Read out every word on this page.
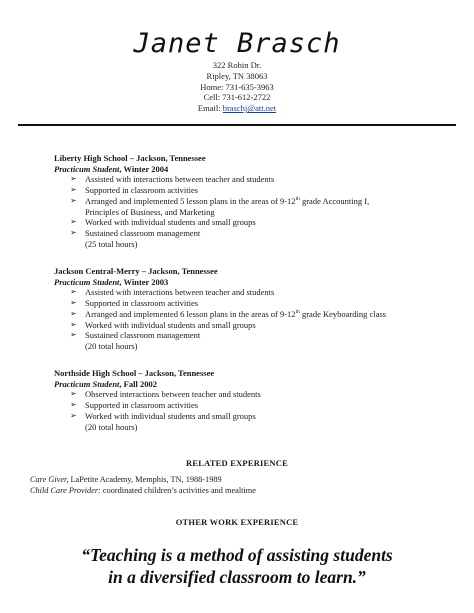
Janet Brasch
322 Robin Dr.
Ripley, TN 38063
Home: 731-635-3963
Cell: 731-612-2722
Email: braschj@att.net
Liberty High School – Jackson, Tennessee
Practicum Student, Winter 2004
➢ Assisted with interactions between teacher and students
➢ Supported in classroom activities
➢ Arranged and implemented 5 lesson plans in the areas of 9-12th grade Accounting I,
Principles of Business, and Marketing
➢ Worked with individual students and small groups
➢ Sustained classroom management
(25 total hours)
Jackson Central-Merry – Jackson, Tennessee
Practicum Student, Winter 2003
➢ Assisted with interactions between teacher and students
➢ Supported in classroom activities
➢ Arranged and implemented 6 lesson plans in the areas of 9-12th grade Keyboarding class
➢ Worked with individual students and small groups
➢ Sustained classroom management
(20 total hours)
Northside High School – Jackson, Tennessee
Practicum Student, Fall 2002
➢ Observed interactions between teacher and students
➢ Supported in classroom activities
➢ Worked with individual students and small groups
(20 total hours)
RELATED EXPERIENCE
Care Giver, LaPetite Academy, Memphis, TN, 1988-1989
Child Care Provider: coordinated children’s activities and mealtime
OTHER WORK EXPERIENCE
“Teaching is a method of assisting students
in a diversified classroom to learn.”
